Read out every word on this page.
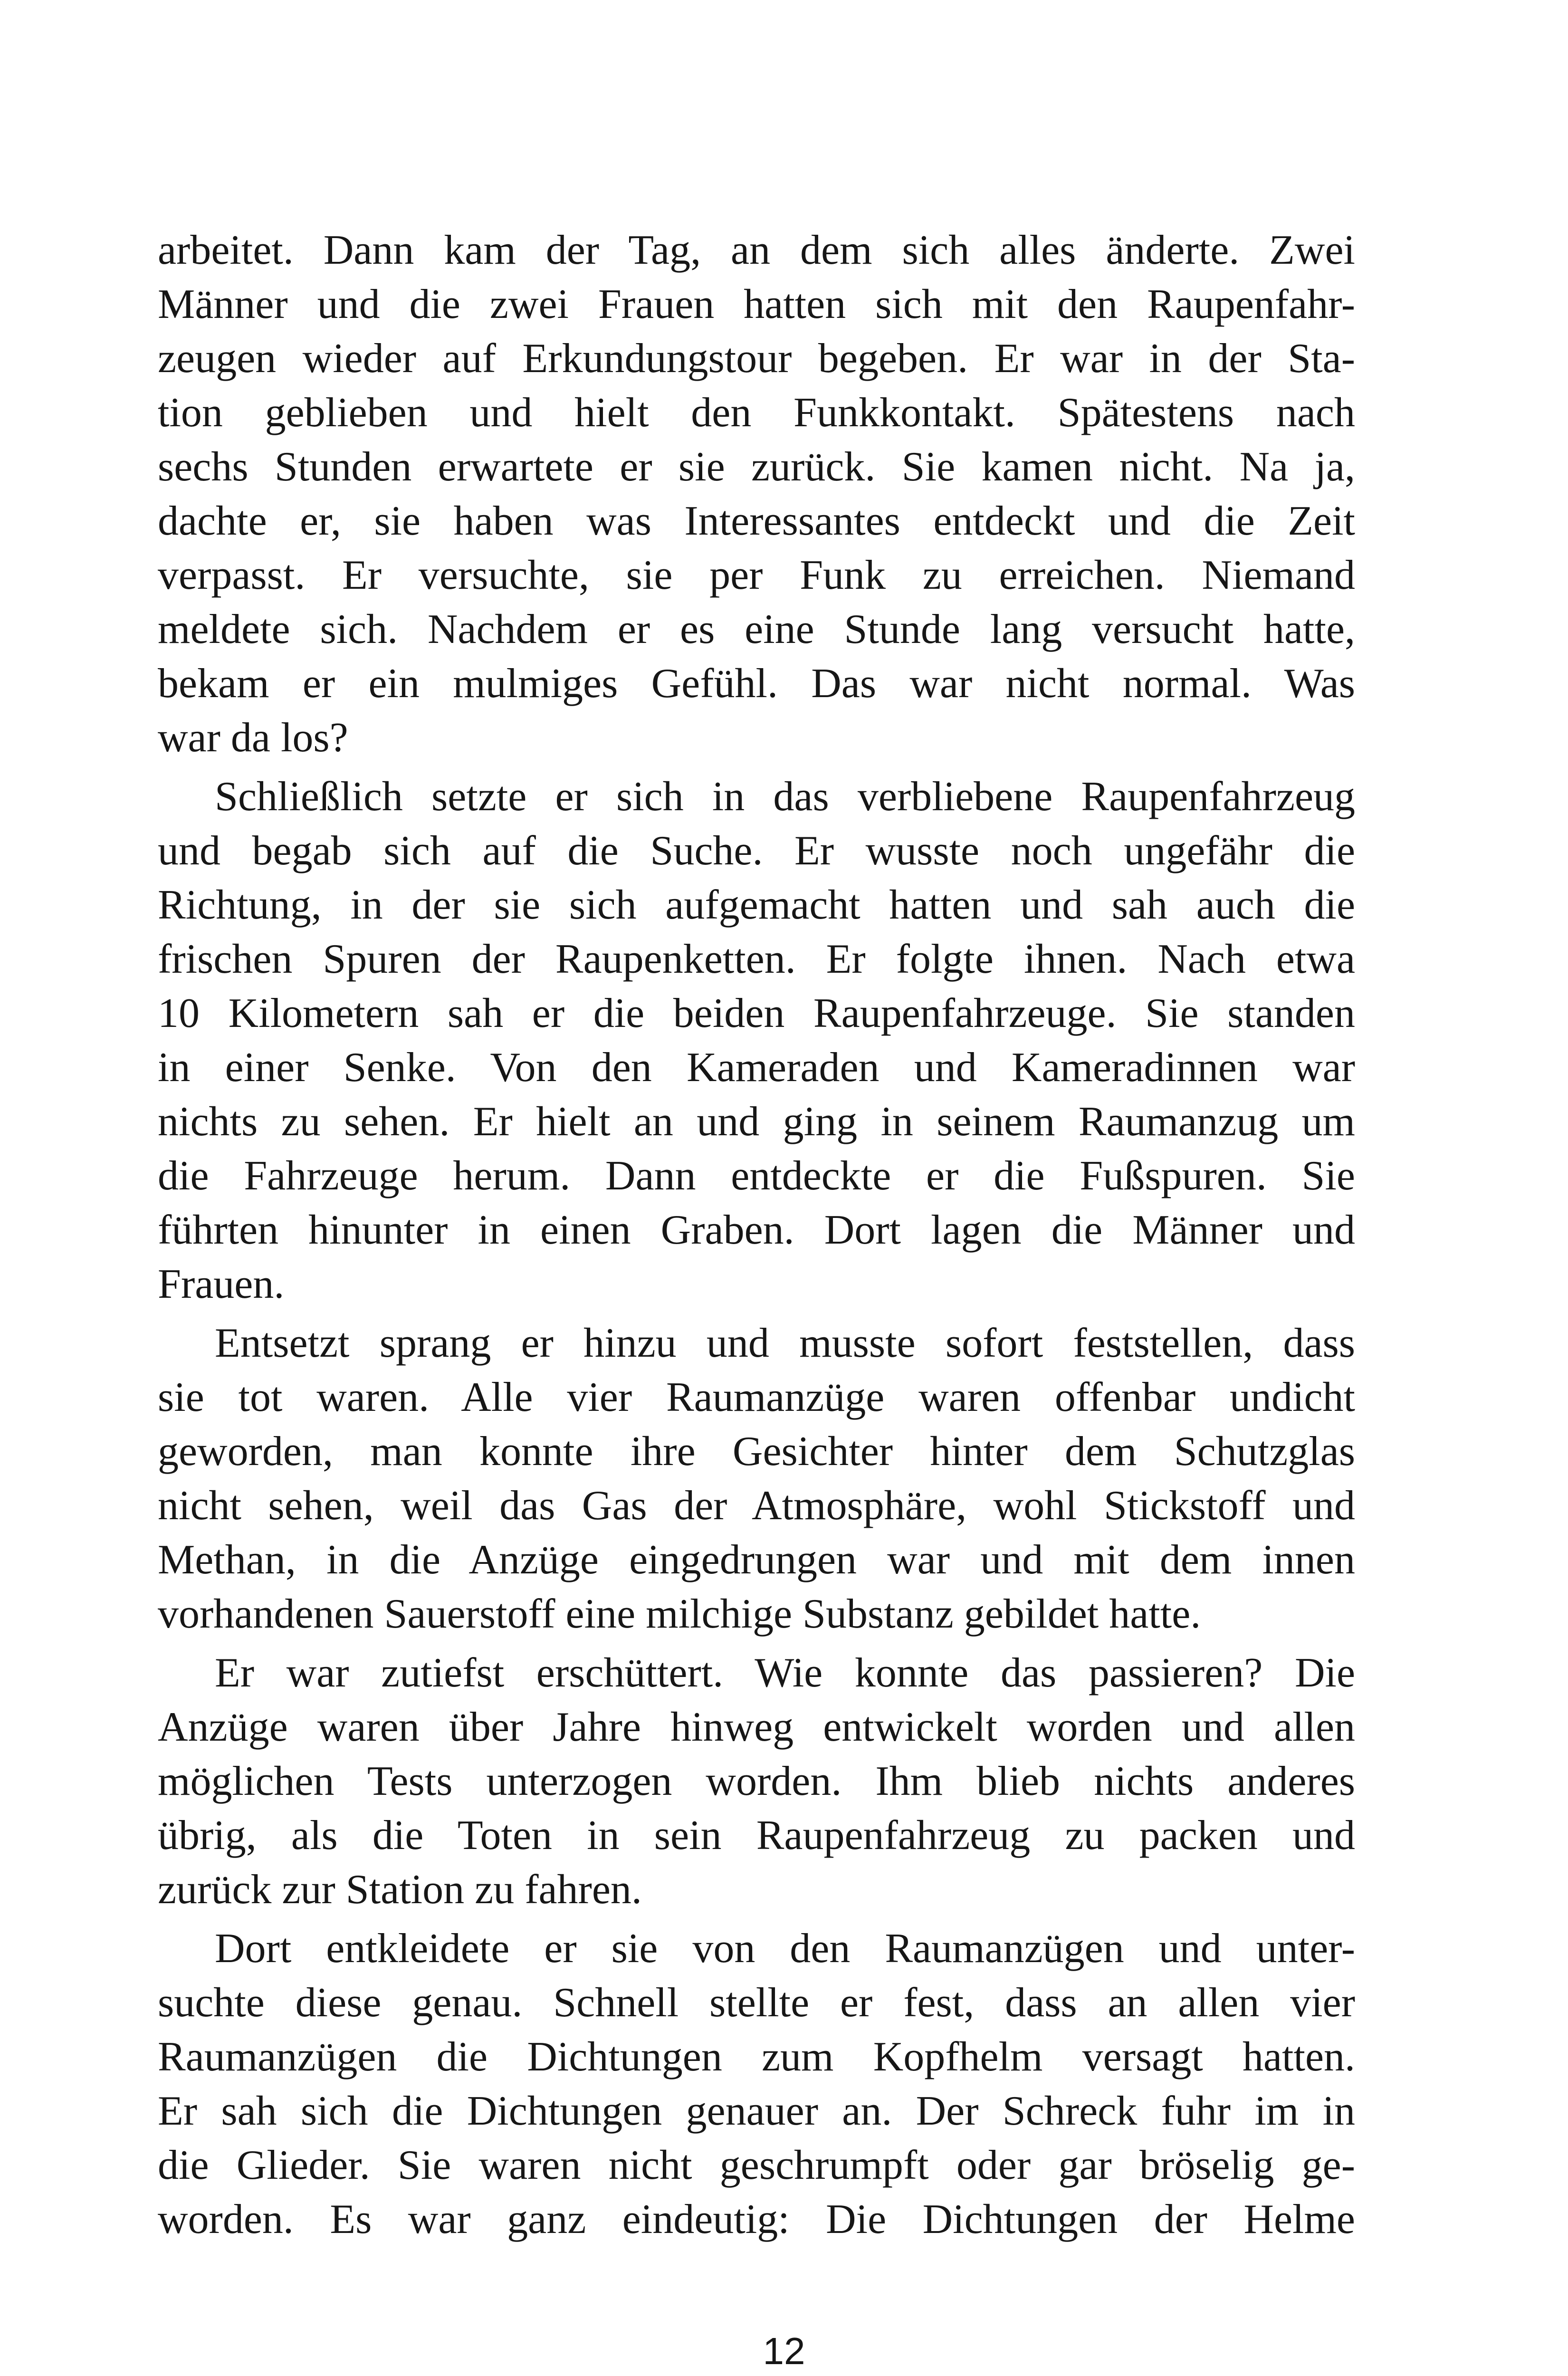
arbeitet. Dann kam der Tag, an dem sich alles änderte. Zwei
Männer und die zwei Frauen hatten sich mit den Raupenfahr-
zeugen wieder auf Erkundungstour begeben. Er war in der Sta-
tion geblieben und hielt den Funkkontakt. Spätestens nach
sechs Stunden erwartete er sie zurück. Sie kamen nicht. Na ja,
dachte er, sie haben was Interessantes entdeckt und die Zeit
verpasst. Er versuchte, sie per Funk zu erreichen. Niemand
meldete sich. Nachdem er es eine Stunde lang versucht hatte,
bekam er ein mulmiges Gefühl. Das war nicht normal. Was
war da los?
Schließlich setzte er sich in das verbliebene Raupenfahrzeug
und begab sich auf die Suche. Er wusste noch ungefähr die
Richtung, in der sie sich aufgemacht hatten und sah auch die
frischen Spuren der Raupenketten. Er folgte ihnen. Nach etwa
10 Kilometern sah er die beiden Raupenfahrzeuge. Sie standen
in einer Senke. Von den Kameraden und Kameradinnen war
nichts zu sehen. Er hielt an und ging in seinem Raumanzug um
die Fahrzeuge herum. Dann entdeckte er die Fußspuren. Sie
führten hinunter in einen Graben. Dort lagen die Männer und
Frauen.
Entsetzt sprang er hinzu und musste sofort feststellen, dass
sie tot waren. Alle vier Raumanzüge waren offenbar undicht
geworden, man konnte ihre Gesichter hinter dem Schutzglas
nicht sehen, weil das Gas der Atmosphäre, wohl Stickstoff und
Methan, in die Anzüge eingedrungen war und mit dem innen
vorhandenen Sauerstoff eine milchige Substanz gebildet hatte.
Er war zutiefst erschüttert. Wie konnte das passieren? Die
Anzüge waren über Jahre hinweg entwickelt worden und allen
möglichen Tests unterzogen worden. Ihm blieb nichts anderes
übrig, als die Toten in sein Raupenfahrzeug zu packen und
zurück zur Station zu fahren.
Dort entkleidete er sie von den Raumanzügen und unter-
suchte diese genau. Schnell stellte er fest, dass an allen vier
Raumanzügen die Dichtungen zum Kopfhelm versagt hatten.
Er sah sich die Dichtungen genauer an. Der Schreck fuhr im in
die Glieder. Sie waren nicht geschrumpft oder gar bröselig ge-
worden. Es war ganz eindeutig: Die Dichtungen der Helme
12
